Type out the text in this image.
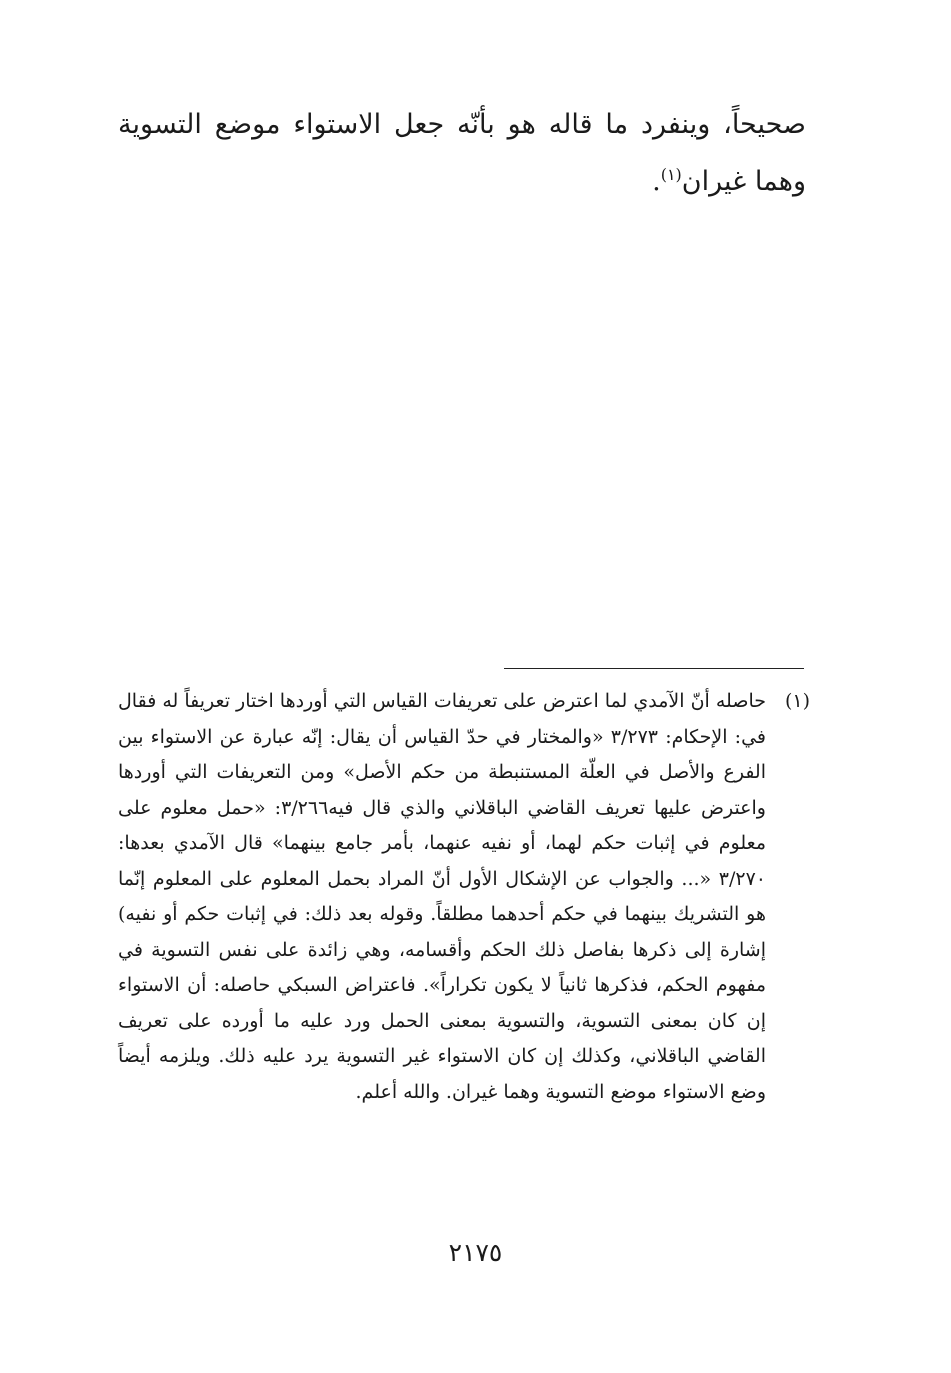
صحيحاً، وينفرد ما قاله هو بأنّه جعل الاستواء موضع التسوية وهما غيران$^{(١)}$.

(١)
حاصله أنّ الآمدي لما اعترض على تعريفات القياس التي أوردها اختار تعريفاً له فقال في: الإحكام: ٣/٢٧٣ «والمختار في حدّ القياس أن يقال: إنّه عبارة عن الاستواء بين الفرع والأصل في العلّة المستنبطة من حكم الأصل» ومن التعريفات التي أوردها واعترض عليها تعريف القاضي الباقلاني والذي قال فيه٣/٢٦٦: «حمل معلوم على معلوم في إثبات حكم لهما، أو نفيه عنهما، بأمر جامع بينهما» قال الآمدي بعدها: ٣/٢٧٠ «... والجواب عن الإشكال الأول أنّ المراد بحمل المعلوم على المعلوم إنّما هو التشريك بينهما في حكم أحدهما مطلقاً. وقوله بعد ذلك: في إثبات حكم أو نفيه) إشارة إلى ذكرها بفاصل ذلك الحكم وأقسامه، وهي زائدة على نفس التسوية في مفهوم الحكم، فذكرها ثانياً لا يكون تكراراً». فاعتراض السبكي حاصله: أن الاستواء إن كان بمعنى التسوية، والتسوية بمعنى الحمل ورد عليه ما أورده على تعريف القاضي الباقلاني، وكذلك إن كان الاستواء غير التسوية يرد عليه ذلك. ويلزمه أيضاً وضع الاستواء موضع التسوية وهما غيران. والله أعلم.
٢١٧٥
